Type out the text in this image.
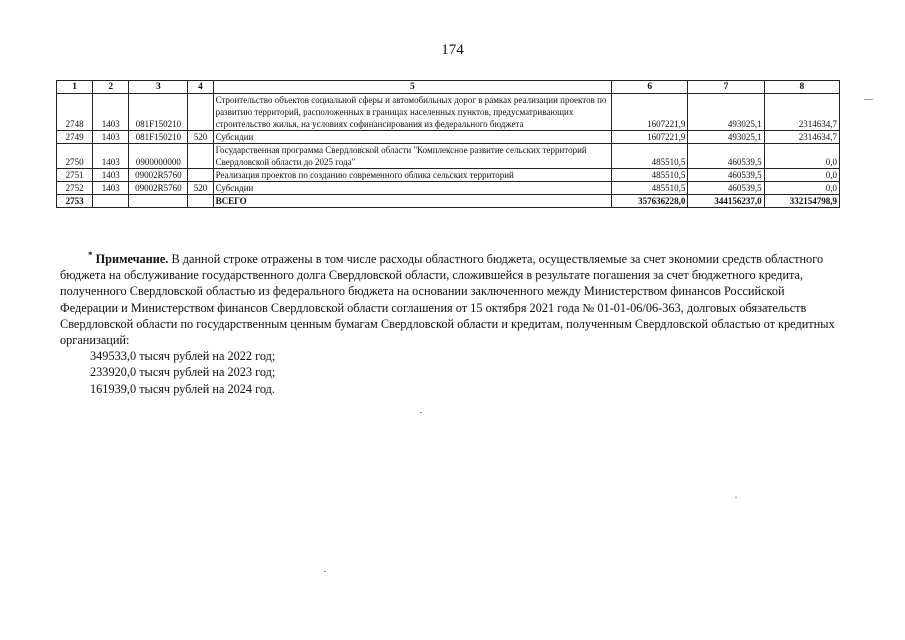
174
1	2	3	4	5	6	7	8
2748	1403	081F150210		Строительство объектов социальной сферы и автомобильных дорог в рамках реализации проектов по развитию территорий, расположенных в границах населенных пунктов, предусматривающих строительство жилья, на условиях софинансирования из федерального бюджета	1607221,9	493025,1	2314634,7
2749	1403	081F150210	520	Субсидии	1607221,9	493025,1	2314634,7
2750	1403	0900000000		Государственная программа Свердловской области "Комплексное развитие сельских территорий Свердловской области до 2025 года"	485510,5	460539,5	0,0
2751	1403	09002R5760		Реализация проектов по созданию современного облика сельских территорий	485510,5	460539,5	0,0
2752	1403	09002R5760	520	Субсидии	485510,5	460539,5	0,0
2753				ВСЕГО	357636228,0	344156237,0	332154798,9

* Примечание. В данной строке отражены в том числе расходы областного бюджета, осуществляемые за счет экономии средств областного бюджета на обслуживание государственного долга Свердловской области, сложившейся в результате погашения за счет бюджетного кредита, полученного Свердловской областью из федерального бюджета на основании заключенного между Министерством финансов Российской Федерации и Министерством финансов Свердловской области соглашения от 15 октября 2021 года № 01-01-06/06-363, долговых обязательств Свердловской области по государственным ценным бумагам Свердловской области и кредитам, полученным Свердловской областью от кредитных организаций:

349533,0 тысяч рублей на 2022 год;

233920,0 тысяч рублей на 2023 год;

161939,0 тысяч рублей на 2024 год.
